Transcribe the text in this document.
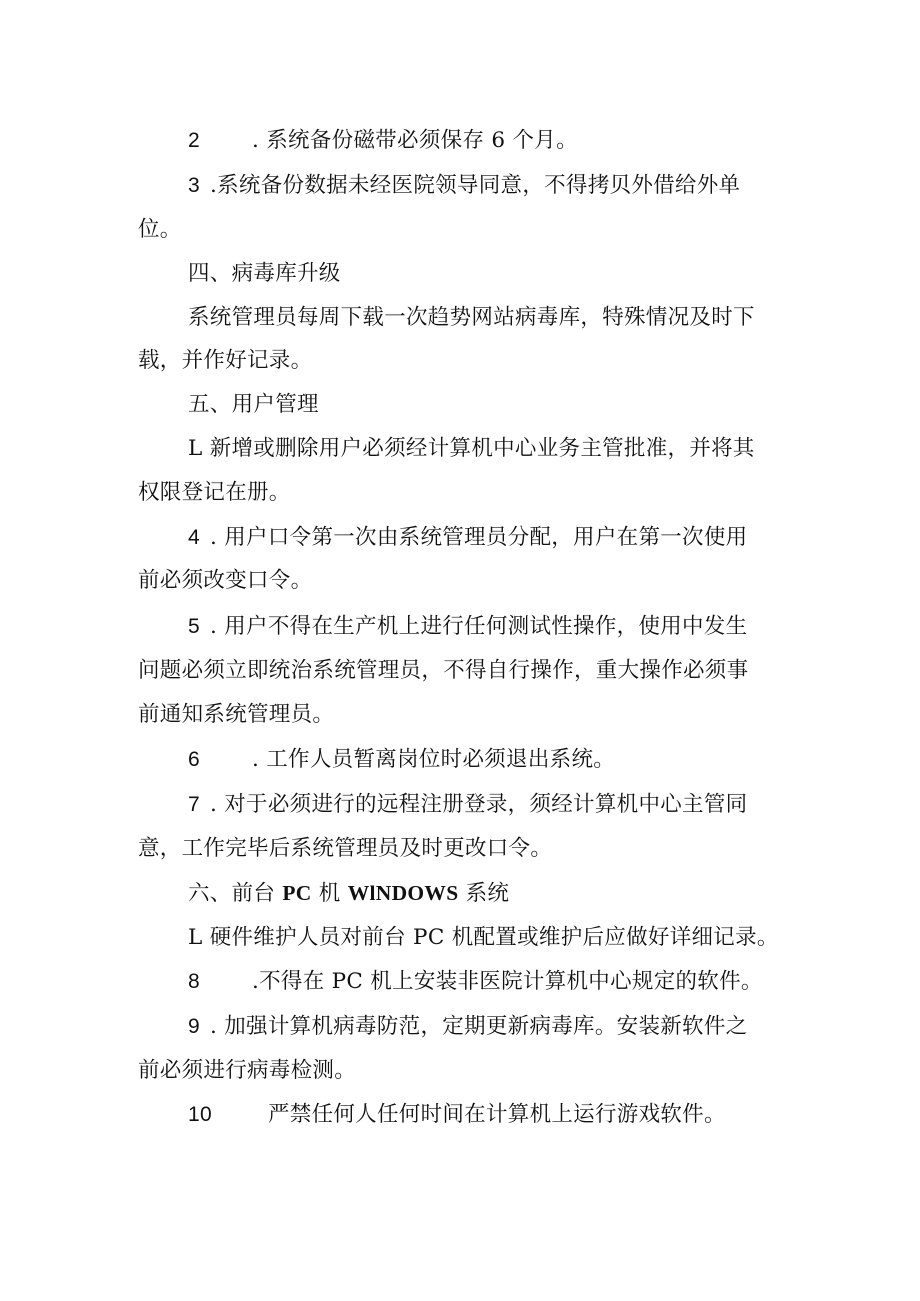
2 . 系统备份磁带必须保存 6 个月。
3 .系统备份数据未经医院领导同意，不得拷贝外借给外单
位。
四、病毒库升级
系统管理员每周下载一次趋势网站病毒库，特殊情况及时下
载，并作好记录。
五、用户管理
L 新增或删除用户必须经计算机中心业务主管批准，并将其
权限登记在册。
4 . 用户口令第一次由系统管理员分配，用户在第一次使用
前必须改变口令。
5 . 用户不得在生产机上进行任何测试性操作，使用中发生
问题必须立即统治系统管理员，不得自行操作，重大操作必须事
前通知系统管理员。
6 . 工作人员暂离岗位时必须退出系统。
7 . 对于必须进行的远程注册登录，须经计算机中心主管同
意，工作完毕后系统管理员及时更改口令。
六、前台 PC 机 WlNDOWS 系统
L 硬件维护人员对前台 PC 机配置或维护后应做好详细记录。
8 .不得在 PC 机上安装非医院计算机中心规定的软件。
9 . 加强计算机病毒防范，定期更新病毒库。安装新软件之
前必须进行病毒检测。
10	严禁任何人任何时间在计算机上运行游戏软件。
